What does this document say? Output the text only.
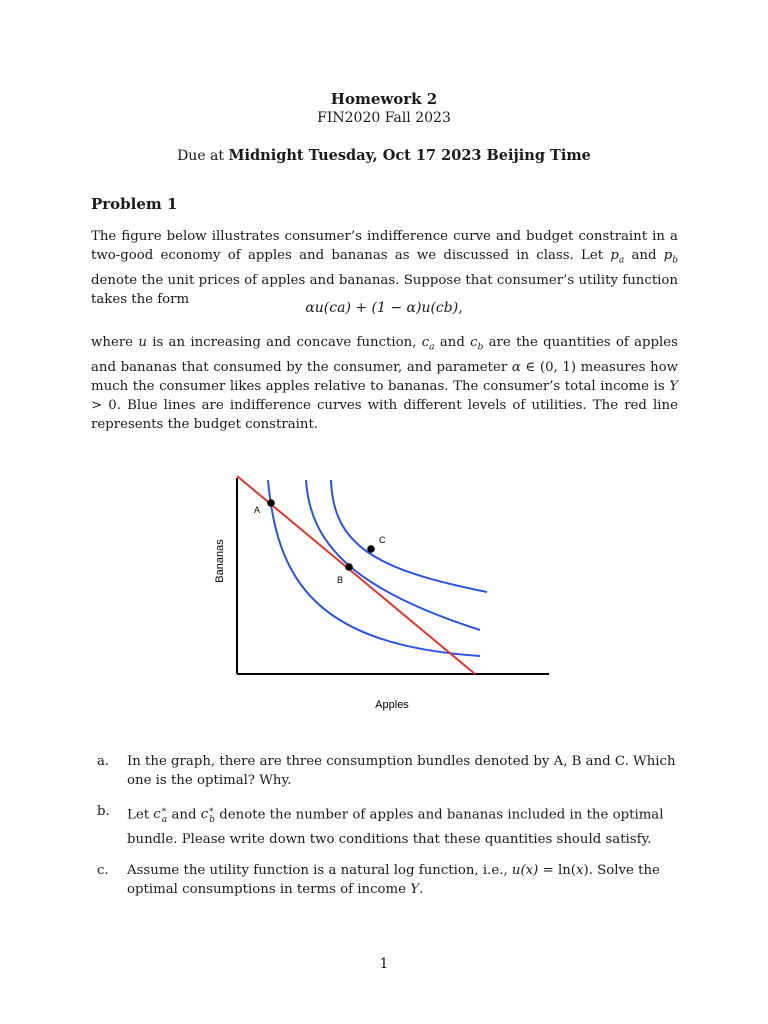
Homework 2
FIN2020 Fall 2023
Due at Midnight Tuesday, Oct 17 2023 Beijing Time
Problem 1
The figure below illustrates consumer’s indifference curve and budget constraint in a two-good economy of apples and bananas as we discussed in class. Let $p_a$ and $p_b$ denote the unit prices of apples and bananas. Suppose that consumer’s utility function takes the form
αu(ca) + (1 − α)u(cb),
where u is an increasing and concave function, $c_a$ and $c_b$ are the quantities of apples and bananas that consumed by the consumer, and parameter α ∈ (0, 1) measures how much the consumer likes apples relative to bananas. The consumer’s total income is Y > 0. Blue lines are indifference curves with different levels of utilities. The red line represents the budget constraint.
A
B
C
Apples
Bananas
a. In the graph, there are three consumption bundles denoted by A, B and C. Which one is the optimal? Why.
b. Let $c^∗_a$ and $c^∗_b$ denote the number of apples and bananas included in the optimal bundle. Please write down two conditions that these quantities should satisfy.
c. Assume the utility function is a natural log function, i.e., u(x) = ln(x). Solve the optimal consumptions in terms of income Y.
1
